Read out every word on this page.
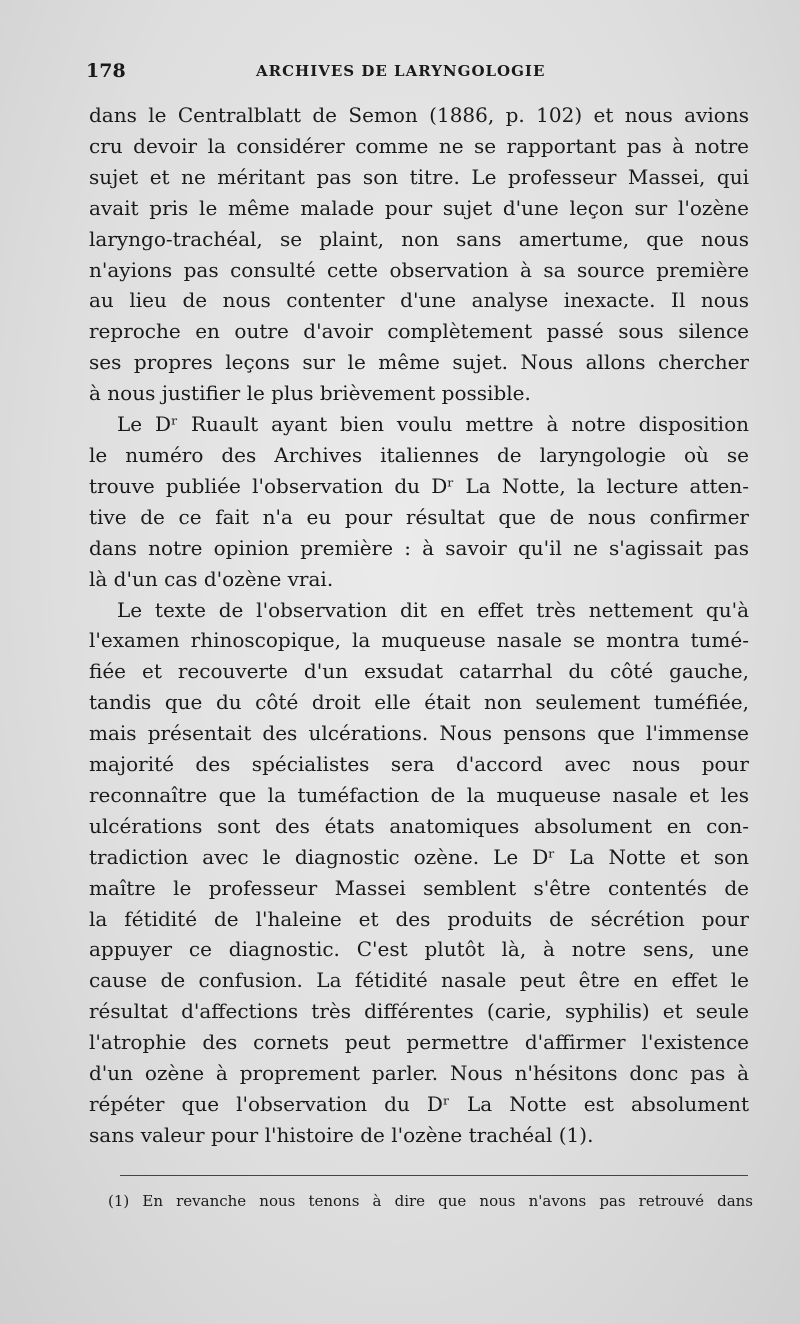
178	ARCHIVES DE LARYNGOLOGIE
dans le Centralblatt de Semon (1886, p. 102) et nous avions
cru devoir la considérer comme ne se rapportant pas à notre
sujet et ne méritant pas son titre. Le professeur Massei, qui
avait pris le même malade pour sujet d'une leçon sur l'ozène
laryngo-trachéal, se plaint, non sans amertume, que nous
n'ayions pas consulté cette observation à sa source première
au lieu de nous contenter d'une analyse inexacte. Il nous
reproche en outre d'avoir complètement passé sous silence
ses propres leçons sur le même sujet. Nous allons chercher
à nous justifier le plus brièvement possible.
Le Dʳ Ruault ayant bien voulu mettre à notre disposition
le numéro des Archives italiennes de laryngologie où se
trouve publiée l'observation du Dʳ La Notte, la lecture atten-
tive de ce fait n'a eu pour résultat que de nous confirmer
dans notre opinion première : à savoir qu'il ne s'agissait pas
là d'un cas d'ozène vrai.
Le texte de l'observation dit en effet très nettement qu'à
l'examen rhinoscopique, la muqueuse nasale se montra tumé-
fiée et recouverte d'un exsudat catarrhal du côté gauche,
tandis que du côté droit elle était non seulement tuméfiée,
mais présentait des ulcérations. Nous pensons que l'immense
majorité des spécialistes sera d'accord avec nous pour
reconnaître que la tuméfaction de la muqueuse nasale et les
ulcérations sont des états anatomiques absolument en con-
tradiction avec le diagnostic ozène. Le Dʳ La Notte et son
maître le professeur Massei semblent s'être contentés de
la fétidité de l'haleine et des produits de sécrétion pour
appuyer ce diagnostic. C'est plutôt là, à notre sens, une
cause de confusion. La fétidité nasale peut être en effet le
résultat d'affections très différentes (carie, syphilis) et seule
l'atrophie des cornets peut permettre d'affirmer l'existence
d'un ozène à proprement parler. Nous n'hésitons donc pas à
répéter que l'observation du Dʳ La Notte est absolument
sans valeur pour l'histoire de l'ozène trachéal (1).
(1) En revanche nous tenons à dire que nous n'avons pas retrouvé dans
